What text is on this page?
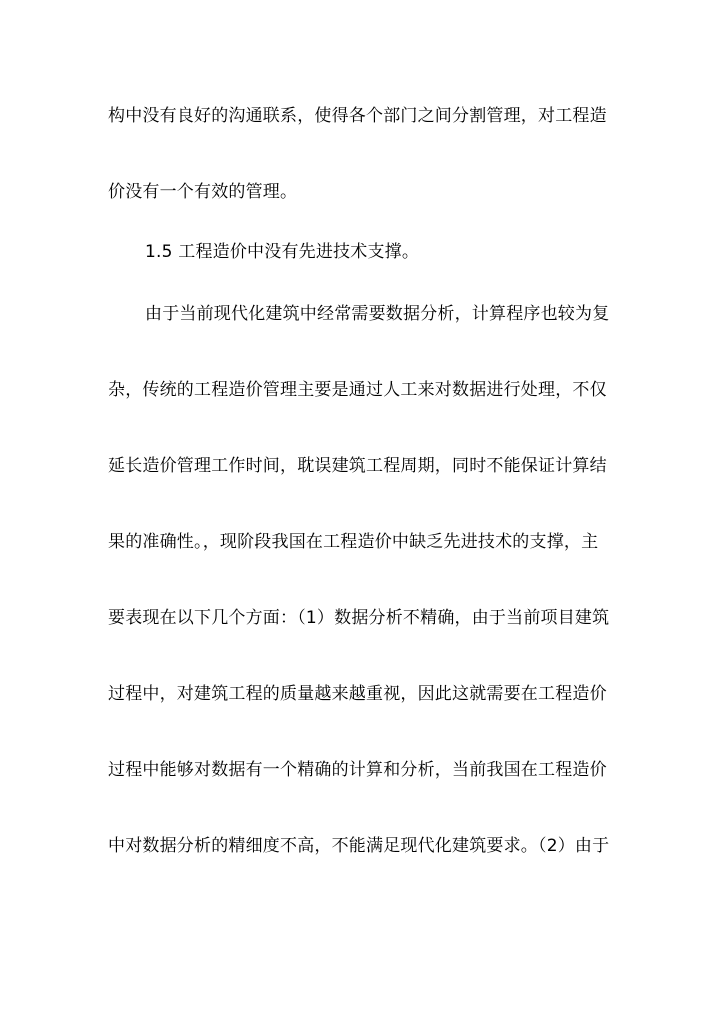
构中没有良好的沟通联系，使得各个部门之间分割管理，对工程造
价没有一个有效的管理。
1.5 工程造价中没有先进技术支撑。
由于当前现代化建筑中经常需要数据分析，计算程序也较为复
杂，传统的工程造价管理主要是通过人工来对数据进行处理，不仅
延长造价管理工作时间，耽误建筑工程周期，同时不能保证计算结
果的准确性。，现阶段我国在工程造价中缺乏先进技术的支撑，主
要表现在以下几个方面：（1）数据分析不精确，由于当前项目建筑
过程中，对建筑工程的质量越来越重视，因此这就需要在工程造价
过程中能够对数据有一个精确的计算和分析，当前我国在工程造价
中对数据分析的精细度不高，不能满足现代化建筑要求。（2）由于
